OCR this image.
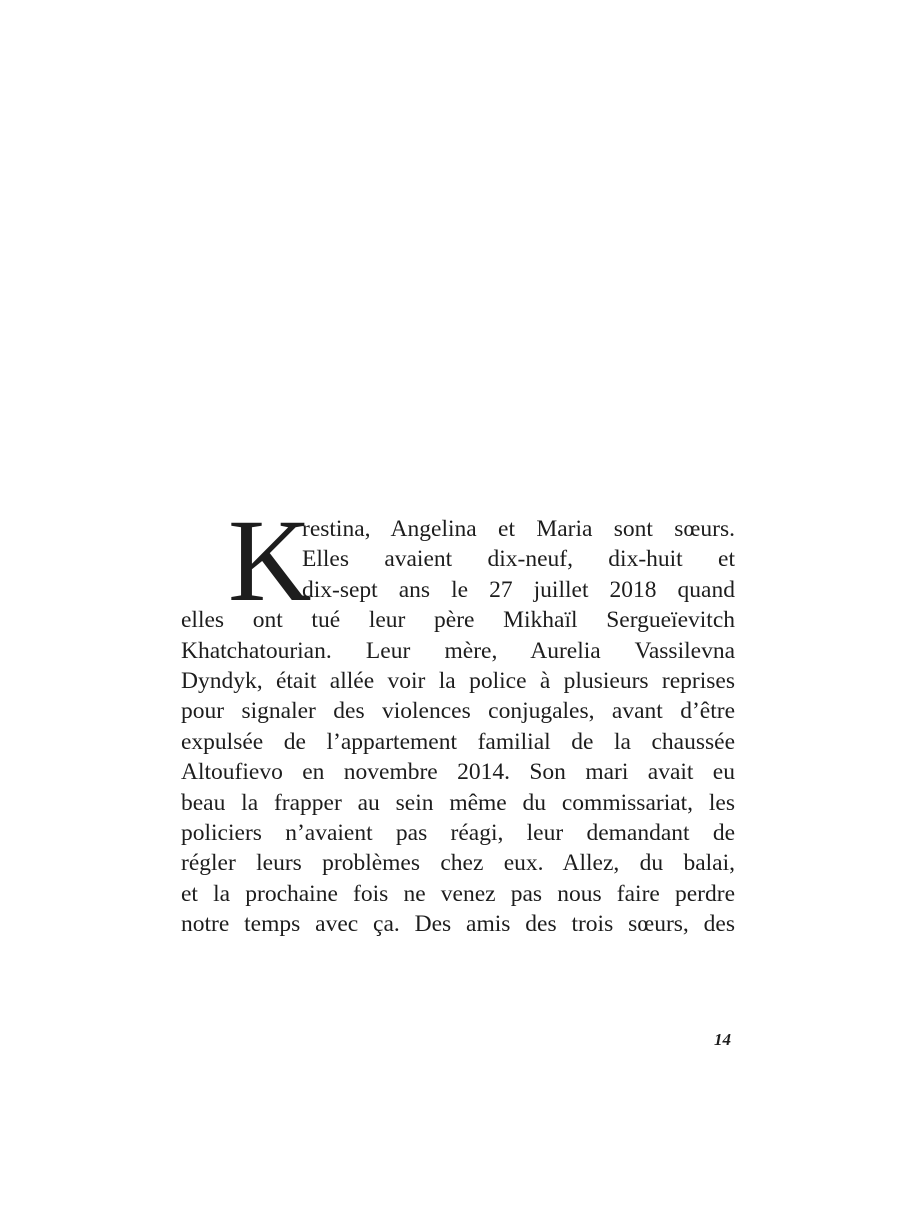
K
restina, Angelina et Maria sont sœurs.
Elles avaient dix-neuf, dix-huit et
dix-sept ans le 27 juillet 2018 quand
elles ont tué leur père Mikhaïl Sergueïevitch
Khatchatourian. Leur mère, Aurelia Vassilevna
Dyndyk, était allée voir la police à plusieurs reprises
pour signaler des violences conjugales, avant d’être
expulsée de l’appartement familial de la chaussée
Altoufievo en novembre 2014. Son mari avait eu
beau la frapper au sein même du commissariat, les
policiers n’avaient pas réagi, leur demandant de
régler leurs problèmes chez eux. Allez, du balai,
et la prochaine fois ne venez pas nous faire perdre
notre temps avec ça. Des amis des trois sœurs, des
14
